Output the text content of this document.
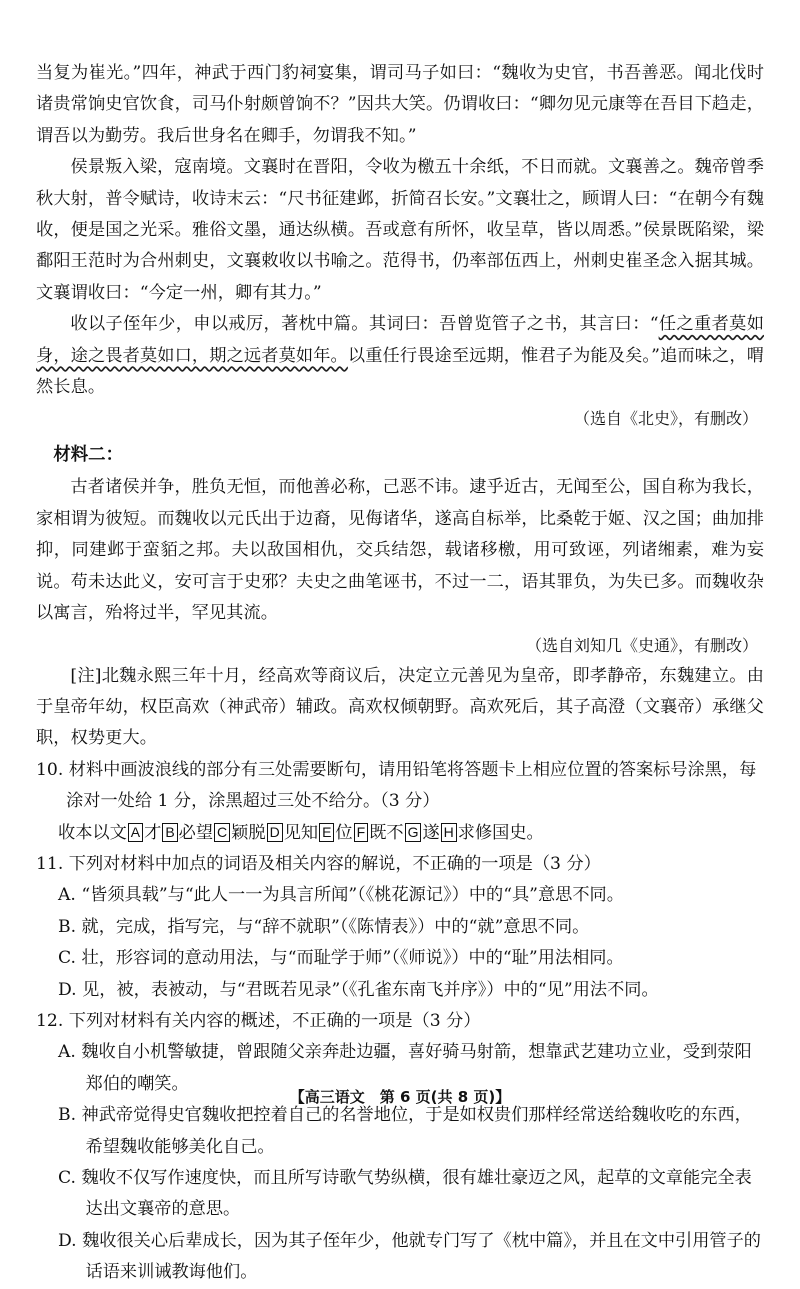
当复为崔光。”四年，神武于西门豹祠宴集，谓司马子如曰：“魏收为史官，书吾善恶。闻北伐时诸贵常饷史官饮食，司马仆射颇曾饷不？”因共大笑。仍谓收曰：“卿勿见元康等在吾目下趋走，谓吾以为勤劳。我后世身名在卿手，勿谓我不知。”

侯景叛入梁，寇南境。文襄时在晋阳，令收为檄五十余纸，不日而就。文襄善之。魏帝曾季秋大射，普令赋诗，收诗末云：“尺书征建邺，折简召长安。”文襄壮之，顾谓人曰：“在朝今有魏收，便是国之光采。雅俗文墨，通达纵横。吾或意有所怀，收呈草，皆以周悉。”侯景既陷梁，梁鄱阳王范时为合州刺史，文襄敕收以书喻之。范得书，仍率部伍西上，州刺史崔圣念入据其城。文襄谓收曰：“今定一州，卿有其力。”

收以子侄年少，申以戒厉，著枕中篇。其词曰：吾曾览管子之书，其言曰：“任之重者莫如身，途之畏者莫如口，期之远者莫如年。以重任行畏途至远期，惟君子为能及矣。”追而味之，喟然长息。

（选自《北史》，有删改）

材料二：

古者诸侯并争，胜负无恒，而他善必称，己恶不讳。逮乎近古，无闻至公，国自称为我长，家相谓为彼短。而魏收以元氏出于边裔，见侮诸华，遂高自标举，比桑乾于姬、汉之国；曲加排抑，同建邺于蛮貊之邦。夫以敌国相仇，交兵结怨，载诸移檄，用可致诬，列诸缃素，难为妄说。苟未达此义，安可言于史邪？夫史之曲笔诬书，不过一二，语其罪负，为失已多。而魏收杂以寓言，殆将过半，罕见其流。

（选自刘知几《史通》，有删改）

[注]北魏永熙三年十月，经高欢等商议后，决定立元善见为皇帝，即孝静帝，东魏建立。由于皇帝年幼，权臣高欢（神武帝）辅政。高欢权倾朝野。高欢死后，其子高澄（文襄帝）承继父职，权势更大。

10. 材料中画波浪线的部分有三处需要断句，请用铅笔将答题卡上相应位置的答案标号涂黑，每涂对一处给 1 分，涂黑超过三处不给分。（3 分）

收本以文 A 才 B 必望 C 颖脱 D 见知 E 位 F 既不 G 遂 H 求修国史。

11. 下列对材料中加点的词语及相关内容的解说，不正确的一项是（3 分）

A. “皆须具载”与“此人一一为具言所闻”（《桃花源记》）中的“具”意思不同。

B. 就，完成，指写完，与“辞不就职”（《陈情表》）中的“就”意思不同。

C. 壮，形容词的意动用法，与“而耻学于师”（《师说》）中的“耻”用法相同。

D. 见，被，表被动，与“君既若见录”（《孔雀东南飞并序》）中的“见”用法不同。

12. 下列对材料有关内容的概述，不正确的一项是（3 分）

A. 魏收自小机警敏捷，曾跟随父亲奔赴边疆，喜好骑马射箭，想靠武艺建功立业，受到荥阳郑伯的嘲笑。

B. 神武帝觉得史官魏收把控着自己的名誉地位，于是如权贵们那样经常送给魏收吃的东西，希望魏收能够美化自己。

C. 魏收不仅写作速度快，而且所写诗歌气势纵横，很有雄壮豪迈之风，起草的文章能完全表达出文襄帝的意思。

D. 魏收很关心后辈成长，因为其子侄年少，他就专门写了《枕中篇》，并且在文中引用管子的话语来训诫教诲他们。

【高三语文　第 6 页(共 8 页)】
